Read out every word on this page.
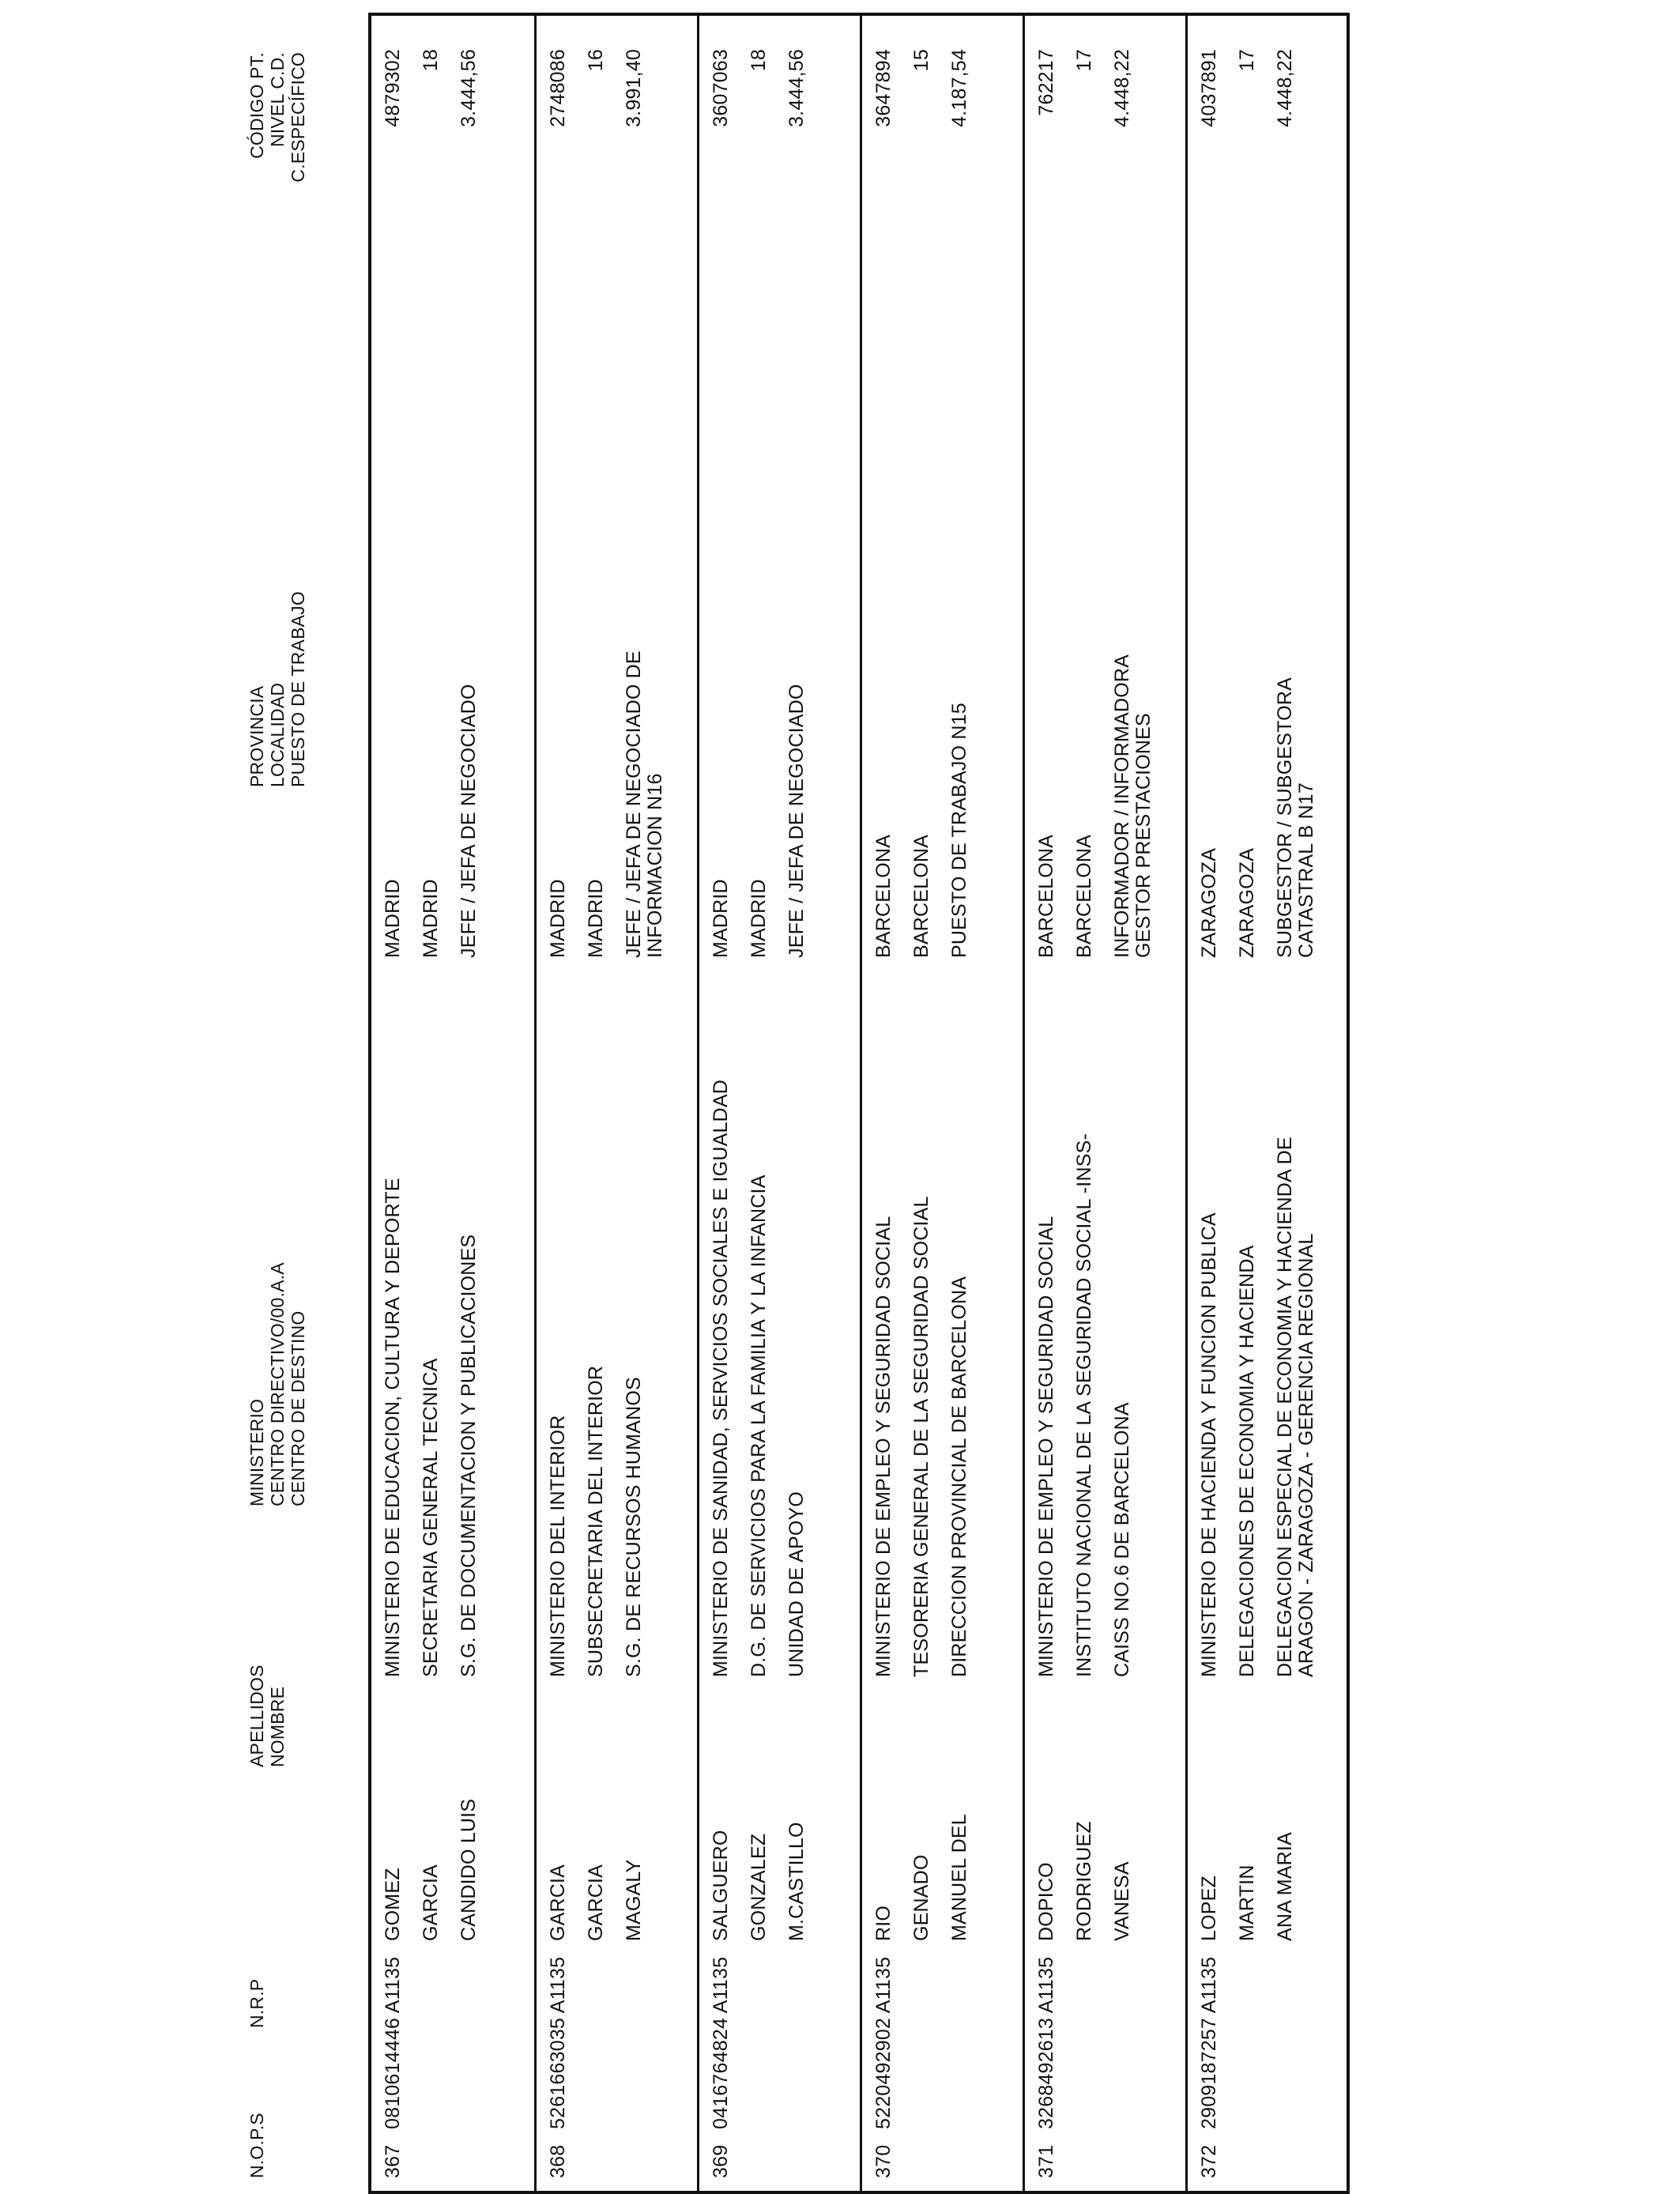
N.O.P.S
N.R.P
APELLIDOS NOMBRE
MINISTERIO CENTRO DIRECTIVO/00.A.A CENTRO DE DESTINO
PROVINCIA LOCALIDAD PUESTO DE TRABAJO
CÓDIGO PT. NIVEL C.D. C.ESPECÍFICO
367
0810614446 A1135
GOMEZ GARCIA CANDIDO LUIS
MINISTERIO DE EDUCACION, CULTURA Y DEPORTE SECRETARIA GENERAL TECNICA S.G. DE DOCUMENTACION Y PUBLICACIONES
MADRID MADRID JEFE / JEFA DE NEGOCIADO
4879302 18 3.444,56
368
5261663035 A1135
GARCIA GARCIA MAGALY
MINISTERIO DEL INTERIOR SUBSECRETARIA DEL INTERIOR S.G. DE RECURSOS HUMANOS
MADRID MADRID JEFE / JEFA DE NEGOCIADO DE INFORMACION N16
2748086 16 3.991,40
369
0416764824 A1135
SALGUERO GONZALEZ M.CASTILLO
MINISTERIO DE SANIDAD, SERVICIOS SOCIALES E IGUALDAD D.G. DE SERVICIOS PARA LA FAMILIA Y LA INFANCIA UNIDAD DE APOYO
MADRID MADRID JEFE / JEFA DE NEGOCIADO
3607063 18 3.444,56
370
5220492902 A1135
RIO GENADO MANUEL DEL
MINISTERIO DE EMPLEO Y SEGURIDAD SOCIAL TESORERIA GENERAL DE LA SEGURIDAD SOCIAL DIRECCION PROVINCIAL DE BARCELONA
BARCELONA BARCELONA PUESTO DE TRABAJO N15
3647894 15 4.187,54
371
3268492613 A1135
DOPICO RODRIGUEZ VANESA
MINISTERIO DE EMPLEO Y SEGURIDAD SOCIAL INSTITUTO NACIONAL DE LA SEGURIDAD SOCIAL -INSS- CAISS NO.6 DE BARCELONA
BARCELONA BARCELONA INFORMADOR / INFORMADORA GESTOR PRESTACIONES
762217 17 4.448,22
372
2909187257 A1135
LOPEZ MARTIN ANA MARIA
MINISTERIO DE HACIENDA Y FUNCION PUBLICA DELEGACIONES DE ECONOMIA Y HACIENDA DELEGACION ESPECIAL DE ECONOMIA Y HACIENDA DE ARAGON - ZARAGOZA - GERENCIA REGIONAL
ZARAGOZA ZARAGOZA SUBGESTOR / SUBGESTORA CATASTRAL B N17
4037891 17 4.448,22
